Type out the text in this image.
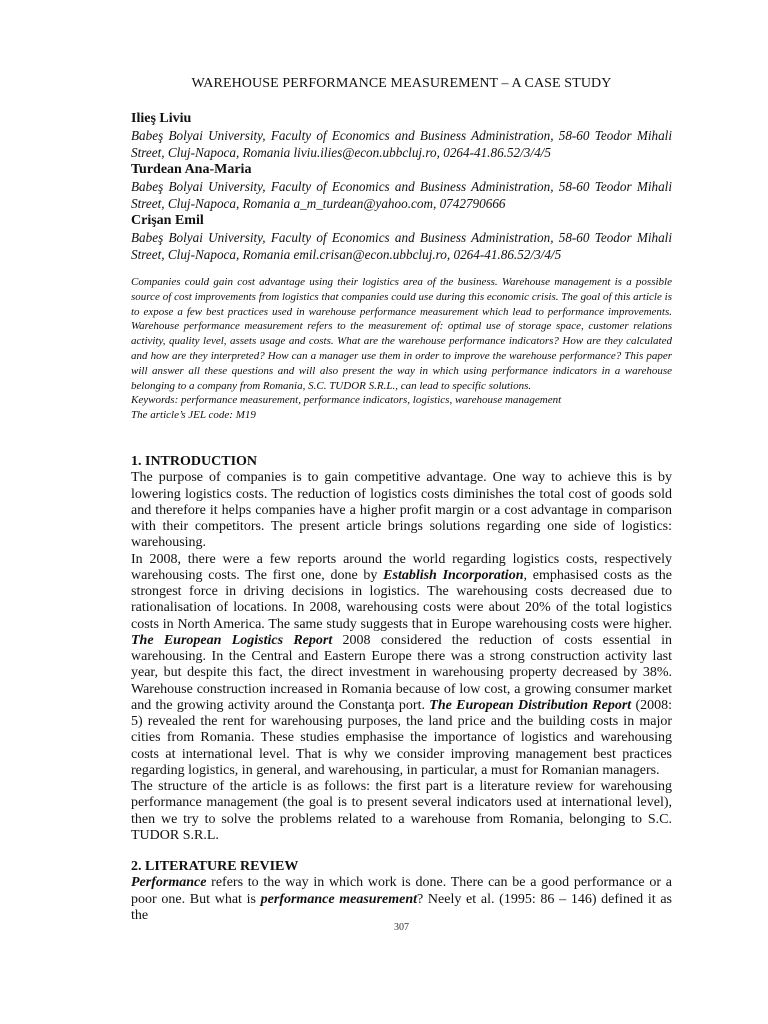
WAREHOUSE PERFORMANCE MEASUREMENT – A CASE STUDY

Ilieş Liviu

Babeş Bolyai University, Faculty of Economics and Business Administration, 58-60 Teodor Mihali Street, Cluj-Napoca, Romania liviu.ilies@econ.ubbcluj.ro, 0264-41.86.52/3/4/5

Turdean Ana-Maria

Babeş Bolyai University, Faculty of Economics and Business Administration, 58-60 Teodor Mihali Street, Cluj-Napoca, Romania a_m_turdean@yahoo.com, 0742790666

Crişan Emil

Babeş Bolyai University, Faculty of Economics and Business Administration, 58-60 Teodor Mihali Street, Cluj-Napoca, Romania emil.crisan@econ.ubbcluj.ro, 0264-41.86.52/3/4/5

Companies could gain cost advantage using their logistics area of the business. Warehouse management is a possible source of cost improvements from logistics that companies could use during this economic crisis. The goal of this article is to expose a few best practices used in warehouse performance measurement which lead to performance improvements. Warehouse performance measurement refers to the measurement of: optimal use of storage space, customer relations activity, quality level, assets usage and costs. What are the warehouse performance indicators? How are they calculated and how are they interpreted? How can a manager use them in order to improve the warehouse performance? This paper will answer all these questions and will also present the way in which using performance indicators in a warehouse belonging to a company from Romania, S.C. TUDOR S.R.L., can lead to specific solutions.

Keywords: performance measurement, performance indicators, logistics, warehouse management

The article’s JEL code: M19

1. INTRODUCTION

The purpose of companies is to gain competitive advantage. One way to achieve this is by lowering logistics costs. The reduction of logistics costs diminishes the total cost of goods sold and therefore it helps companies have a higher profit margin or a cost advantage in comparison with their competitors. The present article brings solutions regarding one side of logistics: warehousing.

In 2008, there were a few reports around the world regarding logistics costs, respectively warehousing costs. The first one, done by Establish Incorporation, emphasised costs as the strongest force in driving decisions in logistics. The warehousing costs decreased due to rationalisation of locations. In 2008, warehousing costs were about 20% of the total logistics costs in North America. The same study suggests that in Europe warehousing costs were higher. The European Logistics Report 2008 considered the reduction of costs essential in warehousing. In the Central and Eastern Europe there was a strong construction activity last year, but despite this fact, the direct investment in warehousing property decreased by 38%. Warehouse construction increased in Romania because of low cost, a growing consumer market and the growing activity around the Constanţa port. The European Distribution Report (2008: 5) revealed the rent for warehousing purposes, the land price and the building costs in major cities from Romania. These studies emphasise the importance of logistics and warehousing costs at international level. That is why we consider improving management best practices regarding logistics, in general, and warehousing, in particular, a must for Romanian managers.

The structure of the article is as follows: the first part is a literature review for warehousing performance management (the goal is to present several indicators used at international level), then we try to solve the problems related to a warehouse from Romania, belonging to S.C. TUDOR S.R.L.

2. LITERATURE REVIEW

Performance refers to the way in which work is done. There can be a good performance or a poor one. But what is performance measurement? Neely et al. (1995: 86 – 146) defined it as the

307
